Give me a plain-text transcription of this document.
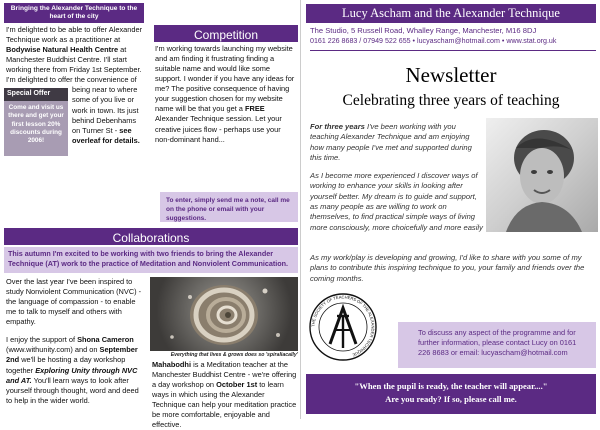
Bringing the Alexander Technique to the heart of the city
Special Offer
Come and visit us there and get your first lesson 20% discounts during 2006!
I'm delighted to be able to offer Alexander Technique work as a practitioner at Bodywise Natural Health Centre at Manchester Buddhist Centre. I'll start working there from Friday 1st September. I'm delighted to offer the convenience of being near to where some of you live or work in town. Its just behind Debenhams on Turner St - see overleaf for details.
Competition
I'm working towards launching my website and am finding it frustrating finding a suitable name and would like some support. I wonder if you have any ideas for me? The positive consequence of having your suggestion chosen for my website name will be that you get a FREE Alexander Technique session. Let your creative juices flow - perhaps use your non-dominant hand...
To enter, simply send me a note, call me on the phone or email with your suggestions.
Collaborations
This autumn I'm excited to be working with two friends to bring the Alexander Technique (AT) work to the practice of Meditation and Nonviolent Communication.

Over the last year I've been inspired to study Nonviolent Communication (NVC) - the language of compassion - to enable me to talk to myself and others with empathy.

I enjoy the support of Shona Cameron (www.withunity.com) and on September 2nd we'll be hosting a day workshop together Exploring Unity through NVC and AT. You'll learn ways to look after yourself through thought, word and deed to help in the wider world.

Everything that lives & grows does so 'spiraliacally'
Mahabodhi is a Meditation teacher at the Manchester Buddhist Centre - we're offering a day workshop on October 1st to learn ways in which using the Alexander Technique can help your meditation practice be more comfortable, enjoyable and effective.
Lucy Ascham and the Alexander Technique
The Studio, 5 Russell Road, Whalley Range, Manchester, M16 8DJ
0161 226 8683 / 07949 522 655 • lucyascham@hotmail.com • www.stat.org.uk
Newsletter
Celebrating three years of teaching
For three years I've been working with you teaching Alexander Technique and am enjoying how many people I've met and supported during this time.
As I become more experienced I discover ways of working to enhance your skills in looking after yourself better. My dream is to guide and support, as many people as are willing to work on themselves, to find practical simple ways of living more consciously, more choicefully and more easily
As my work/play is developing and growing, I'd like to share with you some of my plans to contribute this inspiring technique to you, your family and friends over the coming months.
THE SOCIETY OF TEACHERS OF THE ALEXANDER TECHNIQUE
To discuss any aspect of the programme and for further information, please contact Lucy on 0161 226 8683 or email: lucyascham@hotmail.com
"When the pupil is ready, the teacher will appear...."
Are you ready? If so, please call me.
